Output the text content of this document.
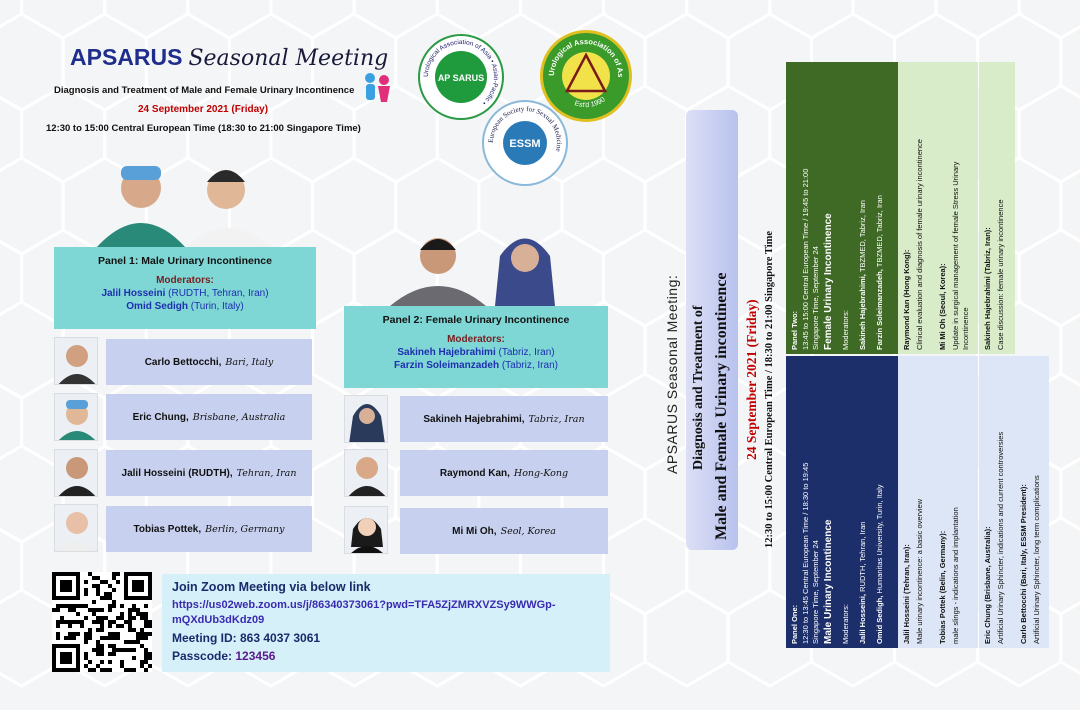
APSARUS Seasonal Meeting
Diagnosis and Treatment of Male and Female Urinary Incontinence
24 September 2021 (Friday)
12:30 to 15:00 Central European Time (18:30 to 21:00 Singapore Time)
Urological Association of Asia • Asian-Pacific •
AP SARUS	Urological Association of As
Est'd 1990
European Society for Sexual Medicine
ESSM
Panel 1: Male Urinary Incontinence
Moderators:
Jalil Hosseini (RUDTH, Tehran, Iran)
Omid Sedigh (Turin, Italy)
Panel 2: Female Urinary Incontinence
Moderators:
Sakineh Hajebrahimi (Tabriz, Iran)
Farzin Soleimanzadeh (Tabriz, Iran)
Carlo Bettocchi, Bari, Italy
Eric Chung, Brisbane, Australia
Jalil Hosseini (RUDTH), Tehran, Iran
Tobias Pottek, Berlin, Germany
Sakineh Hajebrahimi, Tabriz, Iran
Raymond Kan, Hong-Kong
Mi Mi Oh, Seol, Korea
Join Zoom Meeting via below link
https://us02web.zoom.us/j/86340373061?pwd=TFA5ZjZMRXVZSy9WWGp-
mQXdUb3dKdz09
Meeting ID: 863 4037 3061
Passcode: 123456
APSARUS Seasonal Meeting: Diagnosis and Treatment of Male and Female Urinary incontinence 24 September 2021 (Friday) 12:30 to 15:00 Central European Time / 18:30 to 21:00 Singapore Time
Panel One: 12:30 to 13:45 Central European Time / 18:30 to 19:45 Singapore Time, September 24 Male Urinary Incontinence Moderators: Jalil Hosseini, RUDTH, Tehran, Iran
Omid Sedigh, Humanitas University, Turin, Italy
Panel Two: 13:45 to 15:00 Central European Time / 19:45 to 21:00 Singapore Time, September 24 Female Urinary Incontinence Moderators: Sakineh Hajebrahimi, TBZMED, Tabriz, Iran
Farzin Soleimanzadeh, TBZMED, Tabriz, Iran
Jalil Hosseini (Tehran, Iran): Male urinary incontinence: a basic overview Tobias Pottek (Belin, Germany): male slings - indications and implantation	Eric Chung (Brisbane, Australia): Artificial Urinary Sphincter, indications and current controversies Carlo Bettocchi (Bari, Italy, ESSM President): Artificial Urinary Sphincter, long term complications
Raymond Kan (Hong Kong): Clinical evaluation and diagnosis of female urinary incontinence Mi Mi Oh (Seoul, Korea): Update in surgical management of female Stress Urinary Incontinence Sakineh Hajebrahimi (Tabriz, Iran): Case discussion: female urinary incontinence
